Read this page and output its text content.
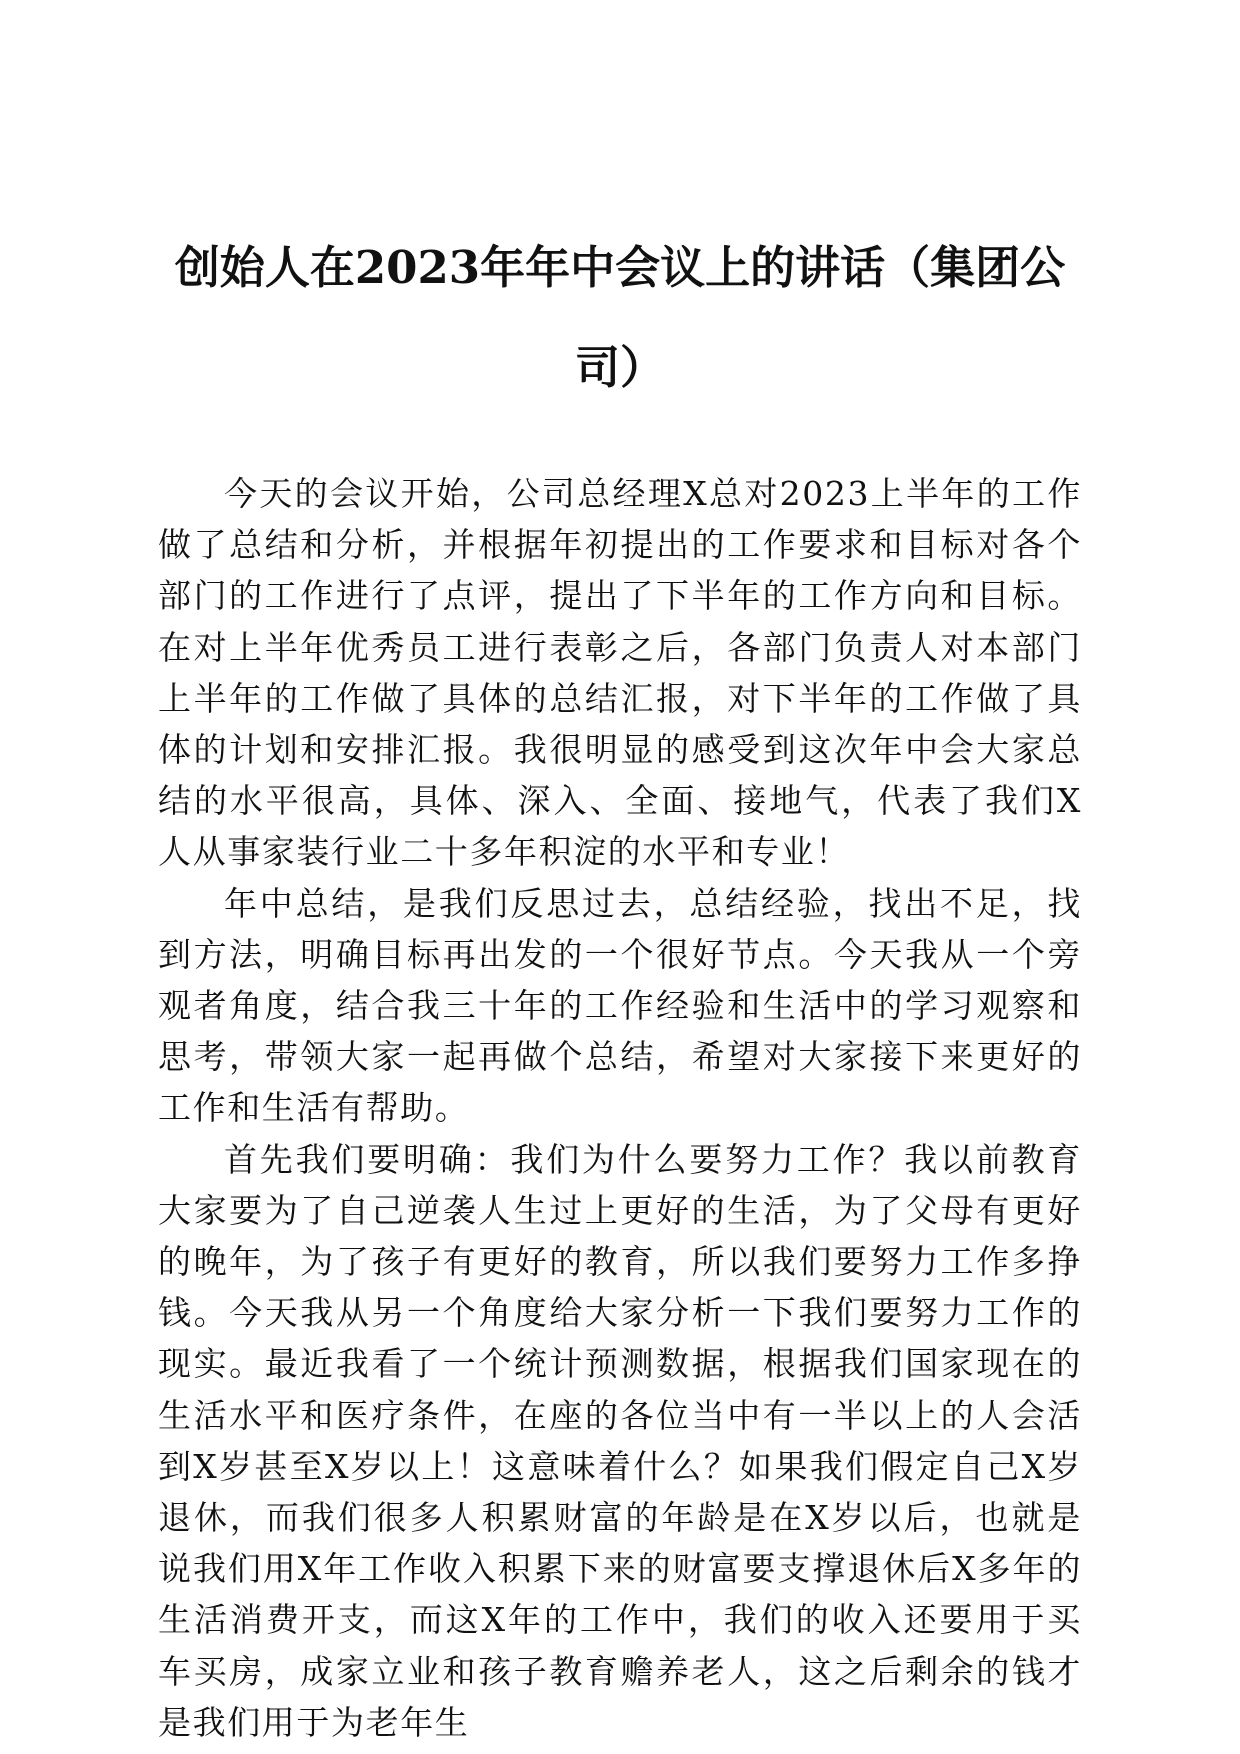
创始人在2023年年中会议上的讲话（集团公司）

今天的会议开始，公司总经理X总对2023上半年的工作做了总结和分析，并根据年初提出的工作要求和目标对各个部门的工作进行了点评，提出了下半年的工作方向和目标。在对上半年优秀员工进行表彰之后，各部门负责人对本部门上半年的工作做了具体的总结汇报，对下半年的工作做了具体的计划和安排汇报。我很明显的感受到这次年中会大家总结的水平很高，具体、深入、全面、接地气，代表了我们X人从事家装行业二十多年积淀的水平和专业！

年中总结，是我们反思过去，总结经验，找出不足，找到方法，明确目标再出发的一个很好节点。今天我从一个旁观者角度，结合我三十年的工作经验和生活中的学习观察和思考，带领大家一起再做个总结，希望对大家接下来更好的工作和生活有帮助。

首先我们要明确：我们为什么要努力工作？我以前教育大家要为了自己逆袭人生过上更好的生活，为了父母有更好的晚年，为了孩子有更好的教育，所以我们要努力工作多挣钱。今天我从另一个角度给大家分析一下我们要努力工作的现实。最近我看了一个统计预测数据，根据我们国家现在的生活水平和医疗条件，在座的各位当中有一半以上的人会活到X岁甚至X岁以上！这意味着什么？如果我们假定自己X岁退休，而我们很多人积累财富的年龄是在X岁以后，也就是说我们用X年工作收入积累下来的财富要支撑退休后X多年的生活消费开支，而这X年的工作中，我们的收入还要用于买车买房，成家立业和孩子教育赡养老人，这之后剩余的钱才是我们用于为老年生
